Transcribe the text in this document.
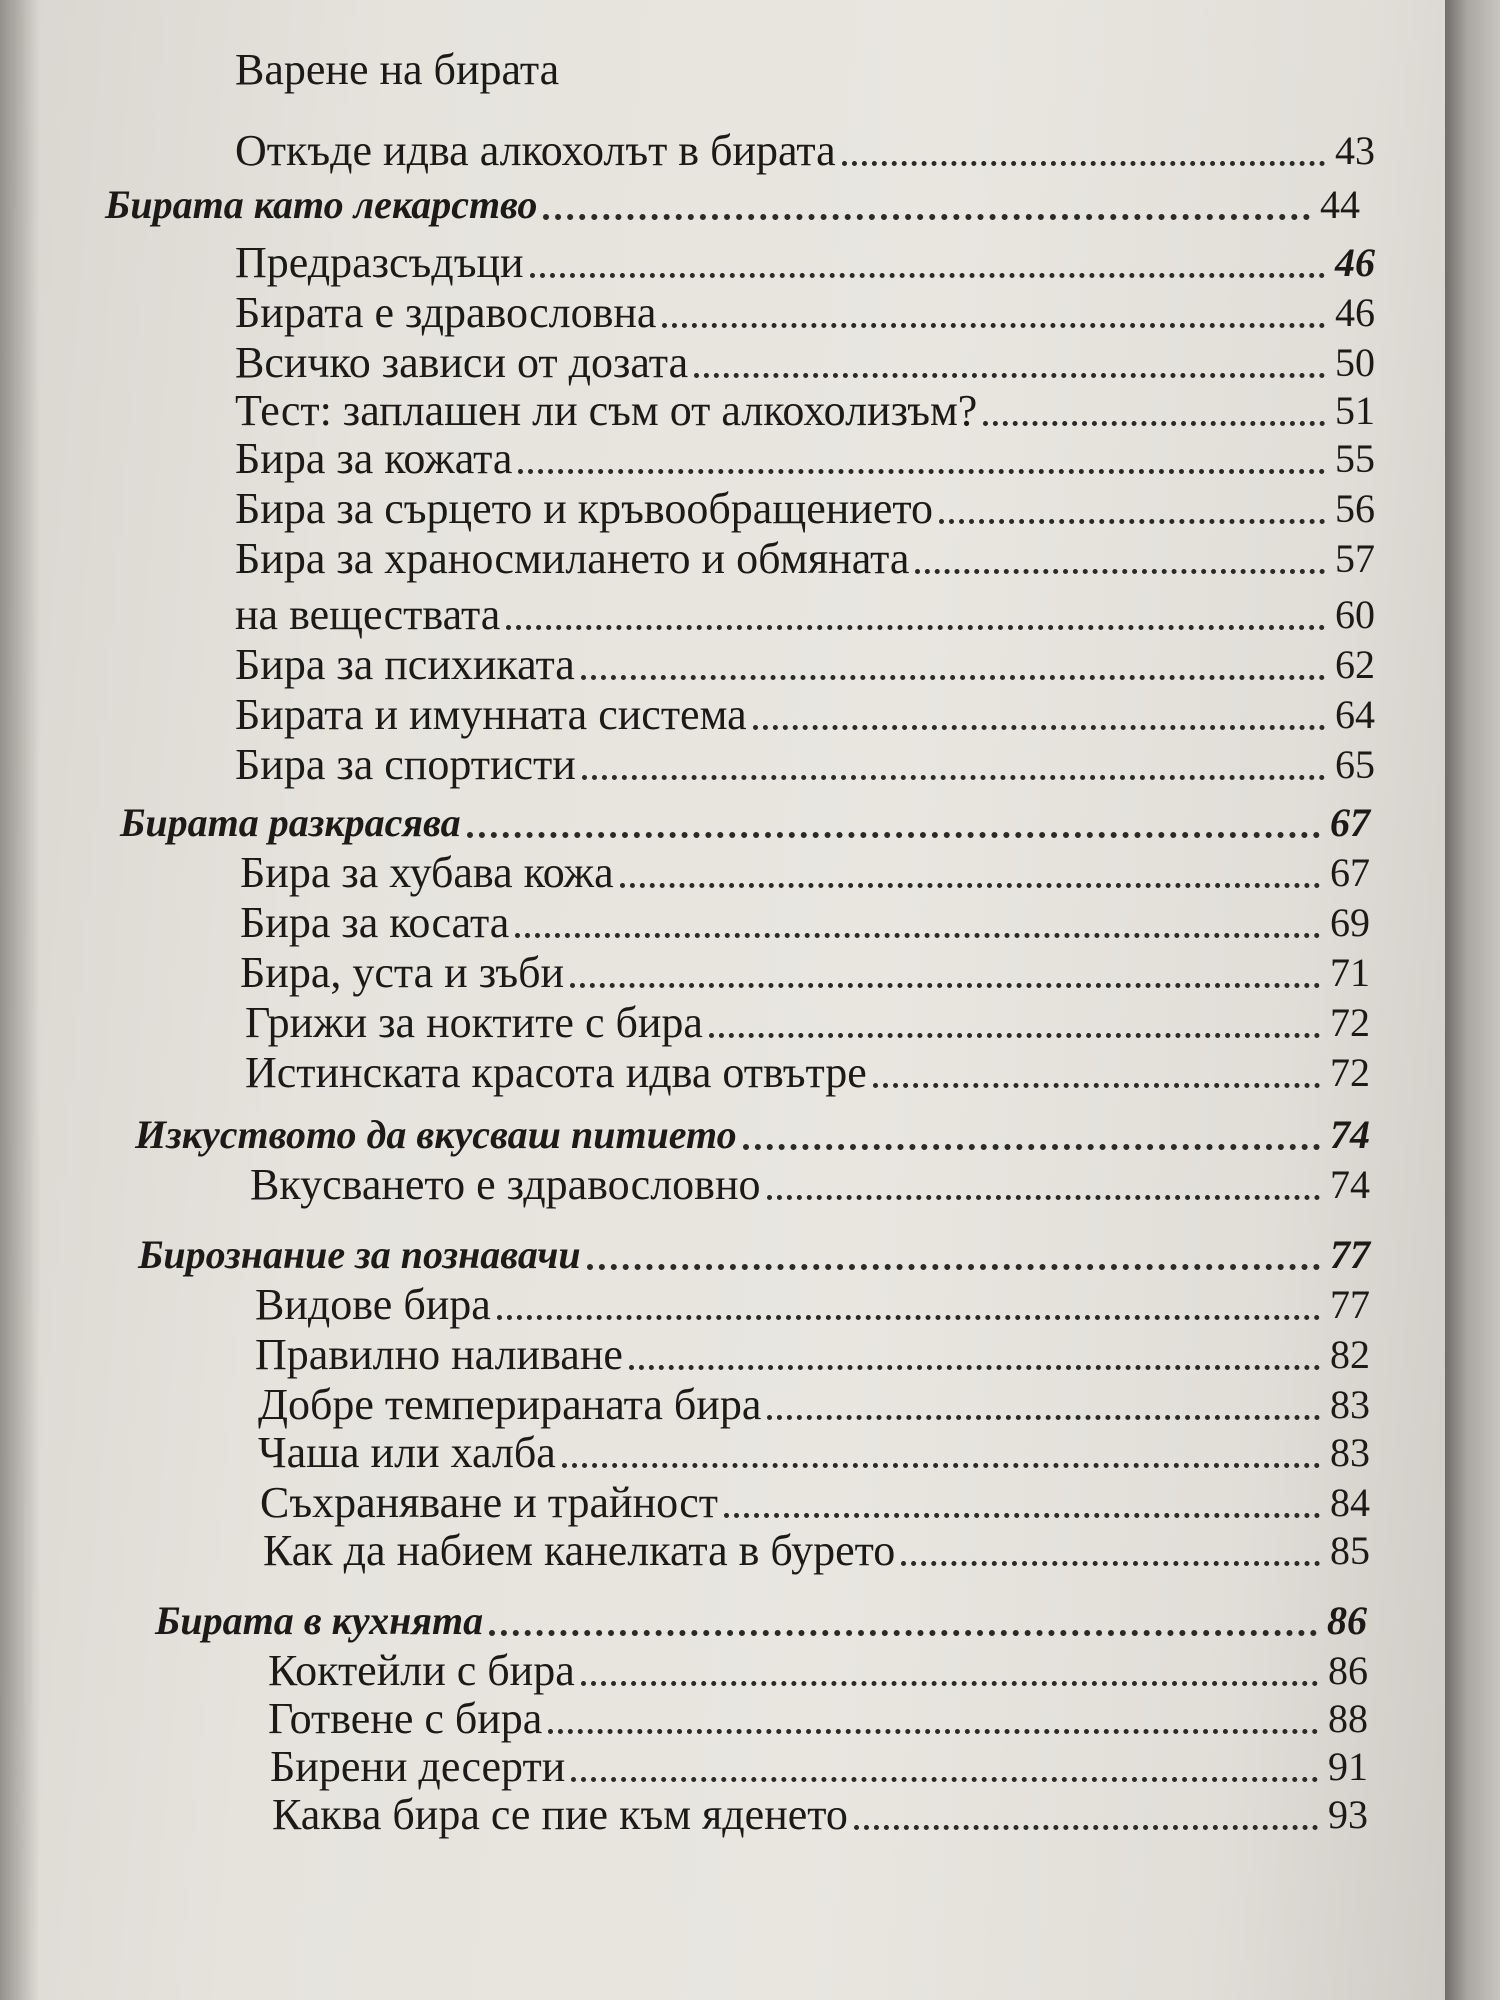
Варене на бирата
Откъде идва алкохолът в бирата	43
Бирата като лекарство	44
Предразсъдъци	46
Бирата е здравословна	46
Всичко зависи от дозата	50
Тест: заплашен ли съм от алкохолизъм?	51
Бира за кожата	55
Бира за сърцето и кръвообращението	56
Бира за храносмилането и обмяната	57
на веществата	60
Бира за психиката	62
Бирата и имунната система	64
Бира за спортисти	65
Бирата разкрасява	67
Бира за хубава кожа	67
Бира за косата	69
Бира, уста и зъби	71
Грижи за ноктите с бира	72
Истинската красота идва отвътре	72
Изкуството да вкусваш питието	74
Вкусването е здравословно	74
Бирознание за познавачи	77
Видове бира	77
Правилно наливане	82
Добре темперираната бира	83
Чаша или халба	83
Съхраняване и трайност	84
Как да набием канелката в бурето	85
Бирата в кухнята	86
Коктейли с бира	86
Готвене с бира	88
Бирени десерти	91
Каква бира се пие към яденето	93
